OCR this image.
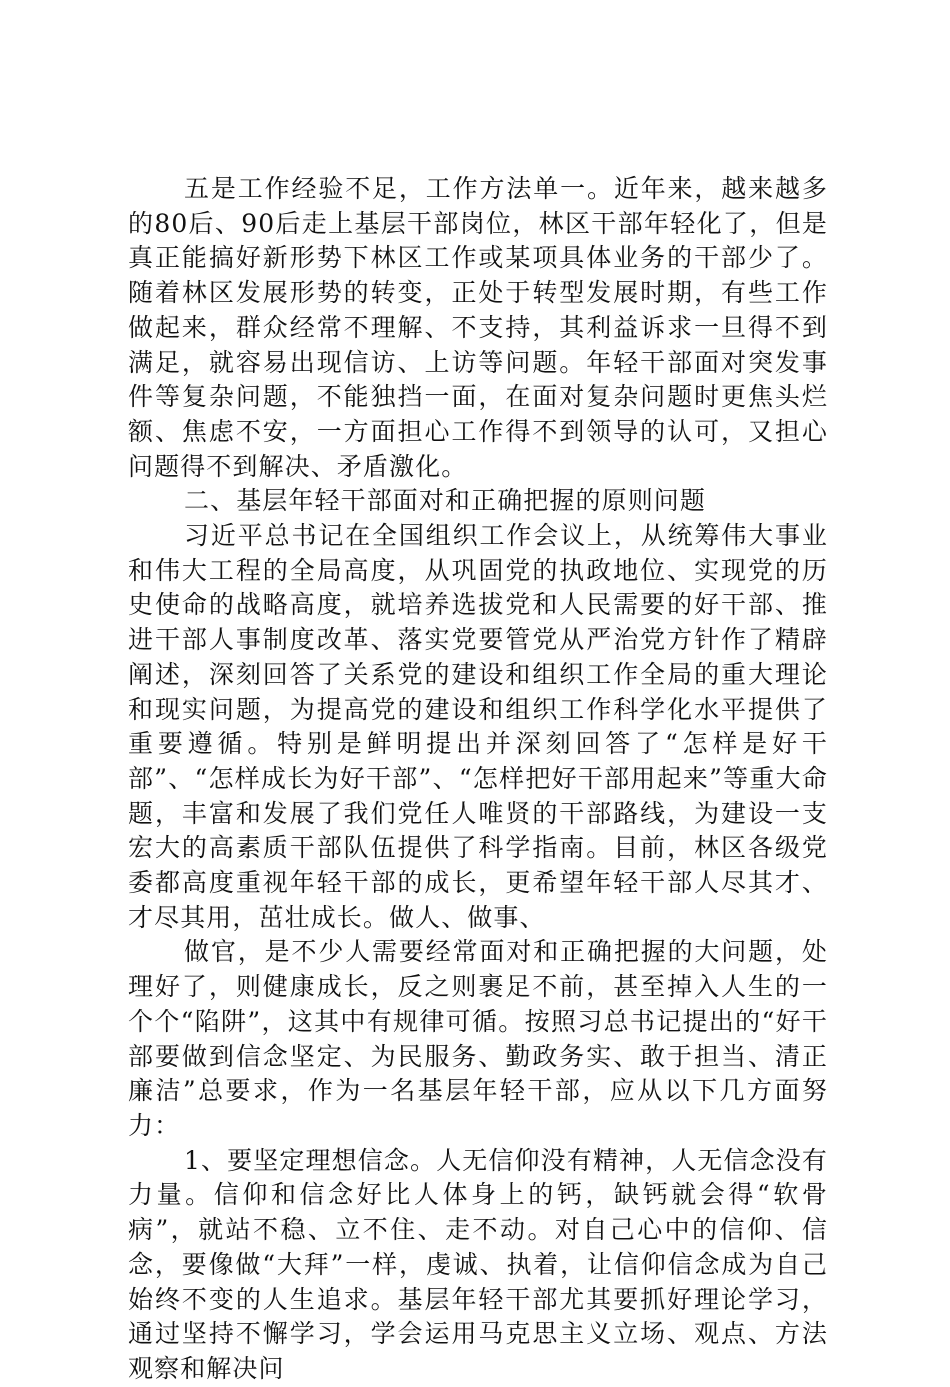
五是工作经验不足，工作方法单一。近年来，越来越多的80后、90后走上基层干部岗位，林区干部年轻化了，但是真正能搞好新形势下林区工作或某项具体业务的干部少了。随着林区发展形势的转变，正处于转型发展时期，有些工作做起来，群众经常不理解、不支持，其利益诉求一旦得不到满足，就容易出现信访、上访等问题。年轻干部面对突发事件等复杂问题，不能独挡一面，在面对复杂问题时更焦头烂额、焦虑不安，一方面担心工作得不到领导的认可，又担心问题得不到解决、矛盾激化。

二、基层年轻干部面对和正确把握的原则问题

习近平总书记在全国组织工作会议上，从统筹伟大事业和伟大工程的全局高度，从巩固党的执政地位、实现党的历史使命的战略高度，就培养选拔党和人民需要的好干部、推进干部人事制度改革、落实党要管党从严治党方针作了精辟阐述，深刻回答了关系党的建设和组织工作全局的重大理论和现实问题，为提高党的建设和组织工作科学化水平提供了重要遵循。特别是鲜明提出并深刻回答了“怎样是好干部”、“怎样成长为好干部”、“怎样把好干部用起来”等重大命题，丰富和发展了我们党任人唯贤的干部路线，为建设一支宏大的高素质干部队伍提供了科学指南。目前，林区各级党委都高度重视年轻干部的成长，更希望年轻干部人尽其才、才尽其用，茁壮成长。做人、做事、

做官，是不少人需要经常面对和正确把握的大问题，处理好了，则健康成长，反之则裹足不前，甚至掉入人生的一个个“陷阱”，这其中有规律可循。按照习总书记提出的“好干部要做到信念坚定、为民服务、勤政务实、敢于担当、清正廉洁”总要求，作为一名基层年轻干部，应从以下几方面努力：

1、要坚定理想信念。人无信仰没有精神，人无信念没有力量。信仰和信念好比人体身上的钙，缺钙就会得“软骨病”，就站不稳、立不住、走不动。对自己心中的信仰、信念，要像做“大拜”一样，虔诚、执着，让信仰信念成为自己始终不变的人生追求。基层年轻干部尤其要抓好理论学习，通过坚持不懈学习，学会运用马克思主义立场、观点、方法观察和解决问
